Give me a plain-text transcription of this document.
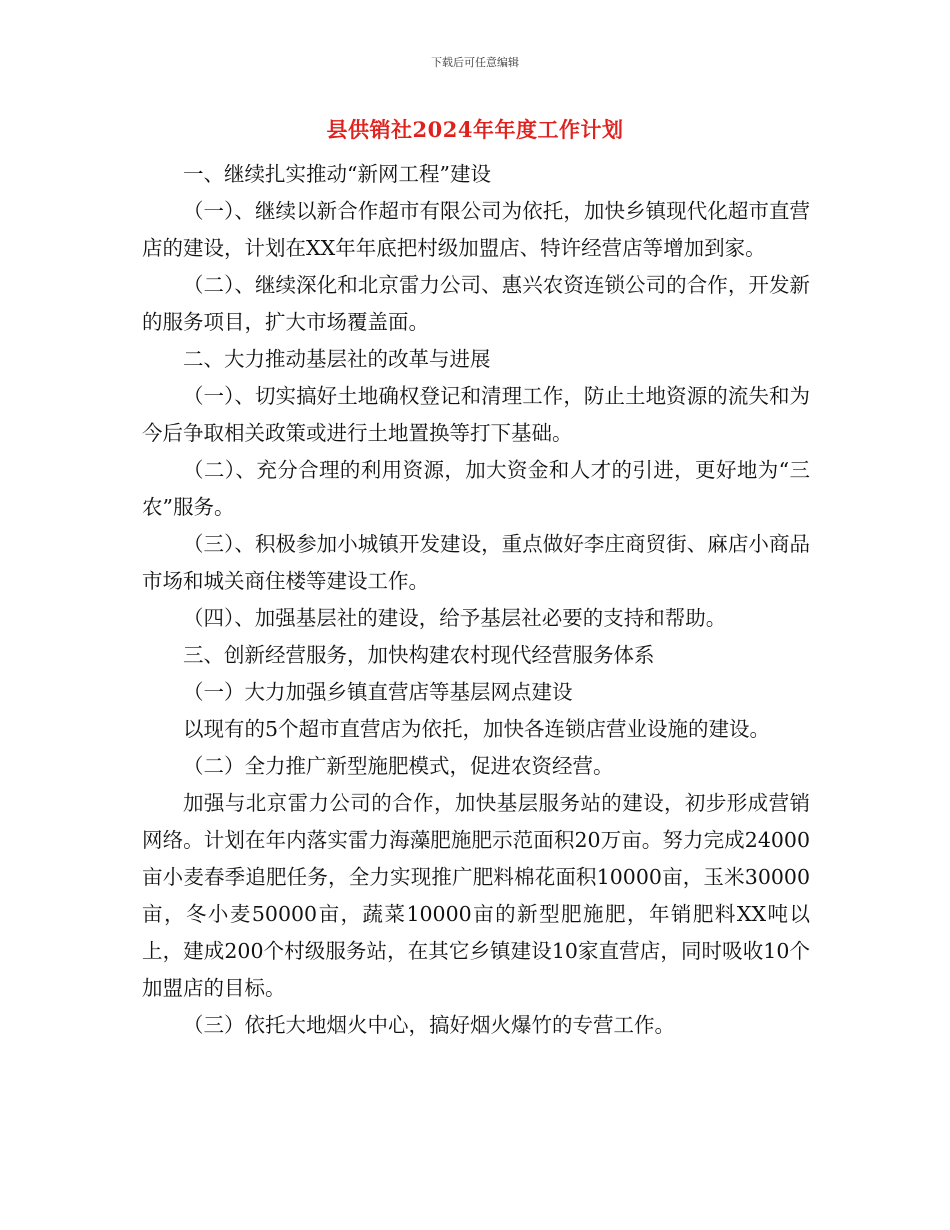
下载后可任意编辑
县供销社2024年年度工作计划

一、继续扎实推动“新网工程”建设

（一）、继续以新合作超市有限公司为依托，加快乡镇现代化超市直营店的建设，计划在XX年年底把村级加盟店、特许经营店等增加到家。

（二）、继续深化和北京雷力公司、惠兴农资连锁公司的合作，开发新的服务项目，扩大市场覆盖面。

二、大力推动基层社的改革与进展

（一）、切实搞好土地确权登记和清理工作，防止土地资源的流失和为今后争取相关政策或进行土地置换等打下基础。

（二）、充分合理的利用资源，加大资金和人才的引进，更好地为“三农”服务。

（三）、积极参加小城镇开发建设，重点做好李庄商贸街、麻店小商品市场和城关商住楼等建设工作。

（四）、加强基层社的建设，给予基层社必要的支持和帮助。

三、创新经营服务，加快构建农村现代经营服务体系

（一）大力加强乡镇直营店等基层网点建设

以现有的5个超市直营店为依托，加快各连锁店营业设施的建设。

（二）全力推广新型施肥模式，促进农资经营。

加强与北京雷力公司的合作，加快基层服务站的建设，初步形成营销网络。计划在年内落实雷力海藻肥施肥示范面积20万亩。努力完成24000亩小麦春季追肥任务，全力实现推广肥料棉花面积10000亩，玉米30000亩，冬小麦50000亩，蔬菜10000亩的新型肥施肥，年销肥料XX吨以上，建成200个村级服务站，在其它乡镇建设10家直营店，同时吸收10个加盟店的目标。

（三）依托大地烟火中心，搞好烟火爆竹的专营工作。
